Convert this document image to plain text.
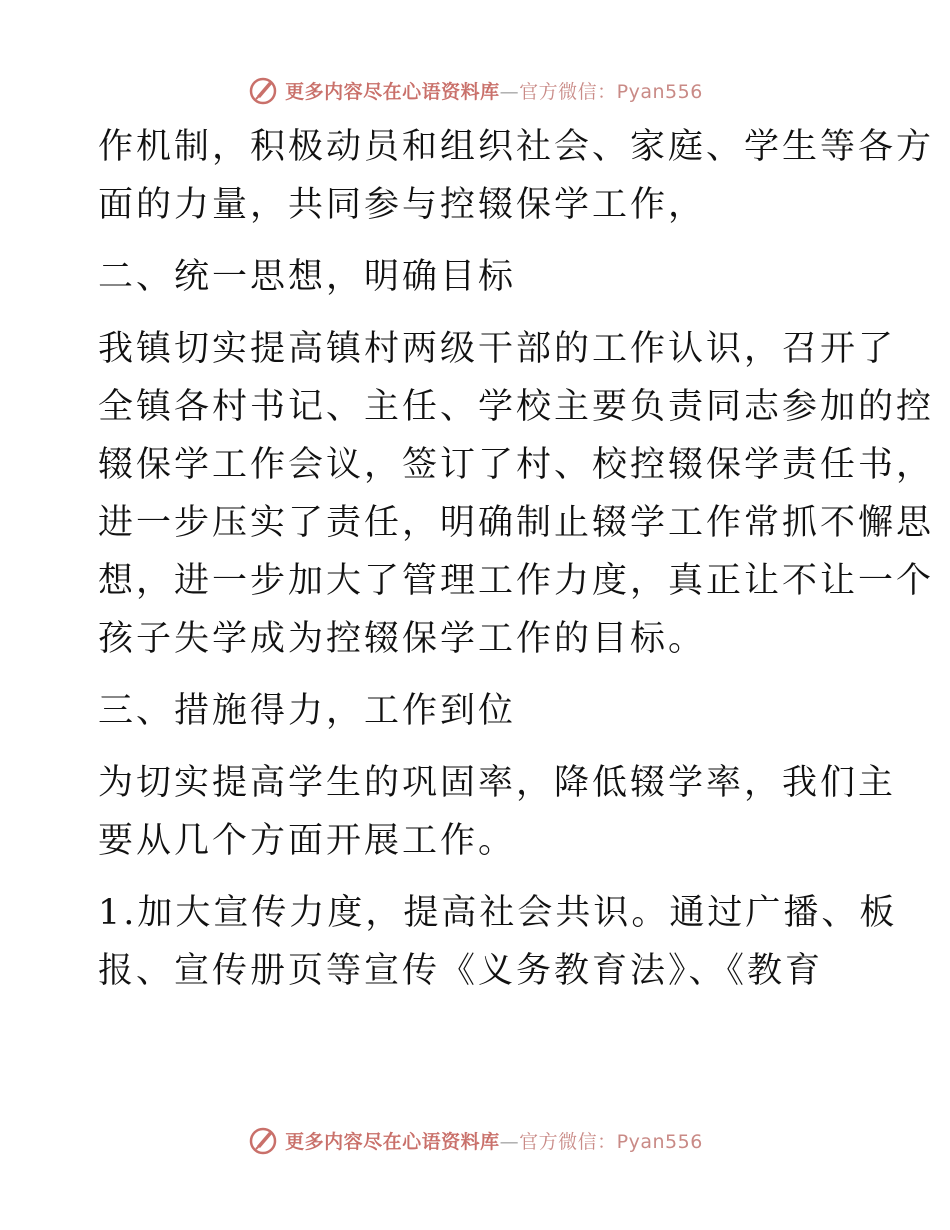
更多内容尽在心语资料库—官方微信：Pyan556

作机制，积极动员和组织社会、家庭、学生等各方

面的力量，共同参与控辍保学工作，

二、统一思想，明确目标

我镇切实提高镇村两级干部的工作认识，召开了

全镇各村书记、主任、学校主要负责同志参加的控

辍保学工作会议，签订了村、校控辍保学责任书，

进一步压实了责任，明确制止辍学工作常抓不懈思

想，进一步加大了管理工作力度，真正让不让一个

孩子失学成为控辍保学工作的目标。

三、措施得力，工作到位

为切实提高学生的巩固率，降低辍学率，我们主

要从几个方面开展工作。

1.加大宣传力度，提高社会共识。通过广播、板

报、宣传册页等宣传《义务教育法》、《教育

更多内容尽在心语资料库—官方微信：Pyan556
